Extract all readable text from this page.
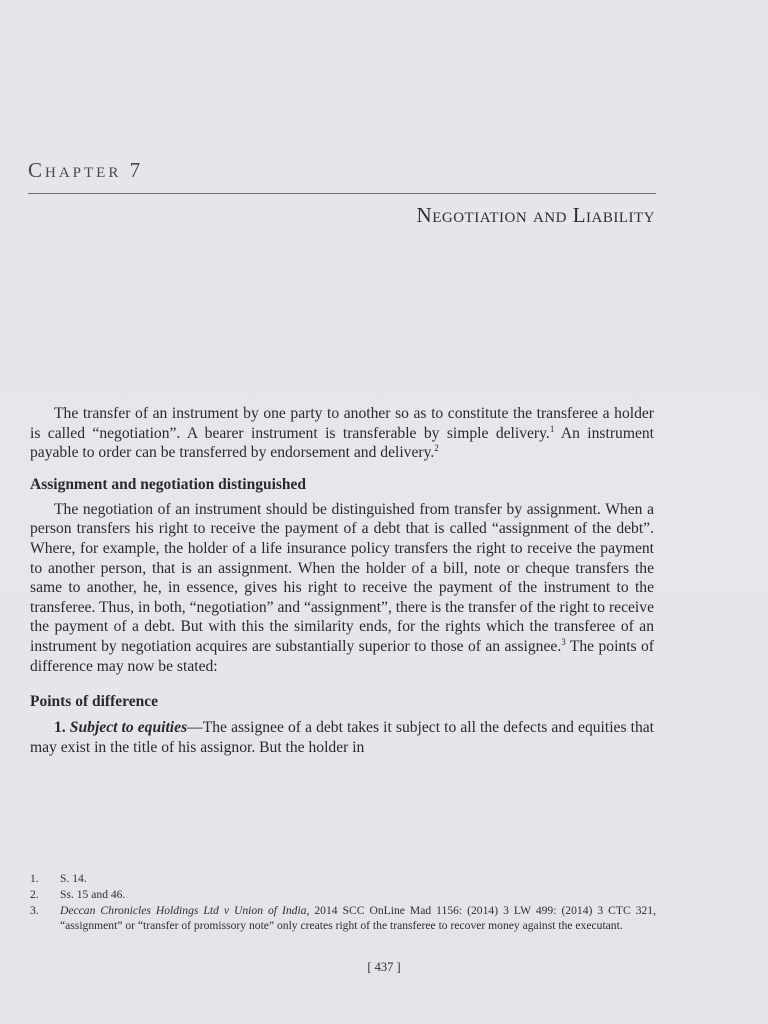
Chapter 7
Negotiation and Liability

The transfer of an instrument by one party to another so as to constitute the transferee a holder is called “negotiation”. A bearer instrument is transferable by simple delivery.$^1$ An instrument payable to order can be transferred by endorsement and delivery.$^2$

Assignment and negotiation distinguished

The negotiation of an instrument should be distinguished from transfer by assignment. When a person transfers his right to receive the payment of a debt that is called “assignment of the debt”. Where, for example, the holder of a life insurance policy transfers the right to receive the payment to another person, that is an assignment. When the holder of a bill, note or cheque transfers the same to another, he, in essence, gives his right to receive the payment of the instrument to the transferee. Thus, in both, “negotiation” and “assignment”, there is the transfer of the right to receive the payment of a debt. But with this the similarity ends, for the rights which the transferee of an instrument by negotiation acquires are substantially superior to those of an assignee.$^3$ The points of difference may now be stated:

Points of difference

1. Subject to equities—The assignee of a debt takes it subject to all the defects and equities that may exist in the title of his assignor. But the holder in

1.	S. 14.
2.	Ss. 15 and 46.
3.	Deccan Chronicles Holdings Ltd v Union of India, 2014 SCC OnLine Mad 1156: (2014) 3 LW 499: (2014) 3 CTC 321, “assignment” or “transfer of promissory note” only creates right of the transferee to recover money against the executant.
[ 437 ]
